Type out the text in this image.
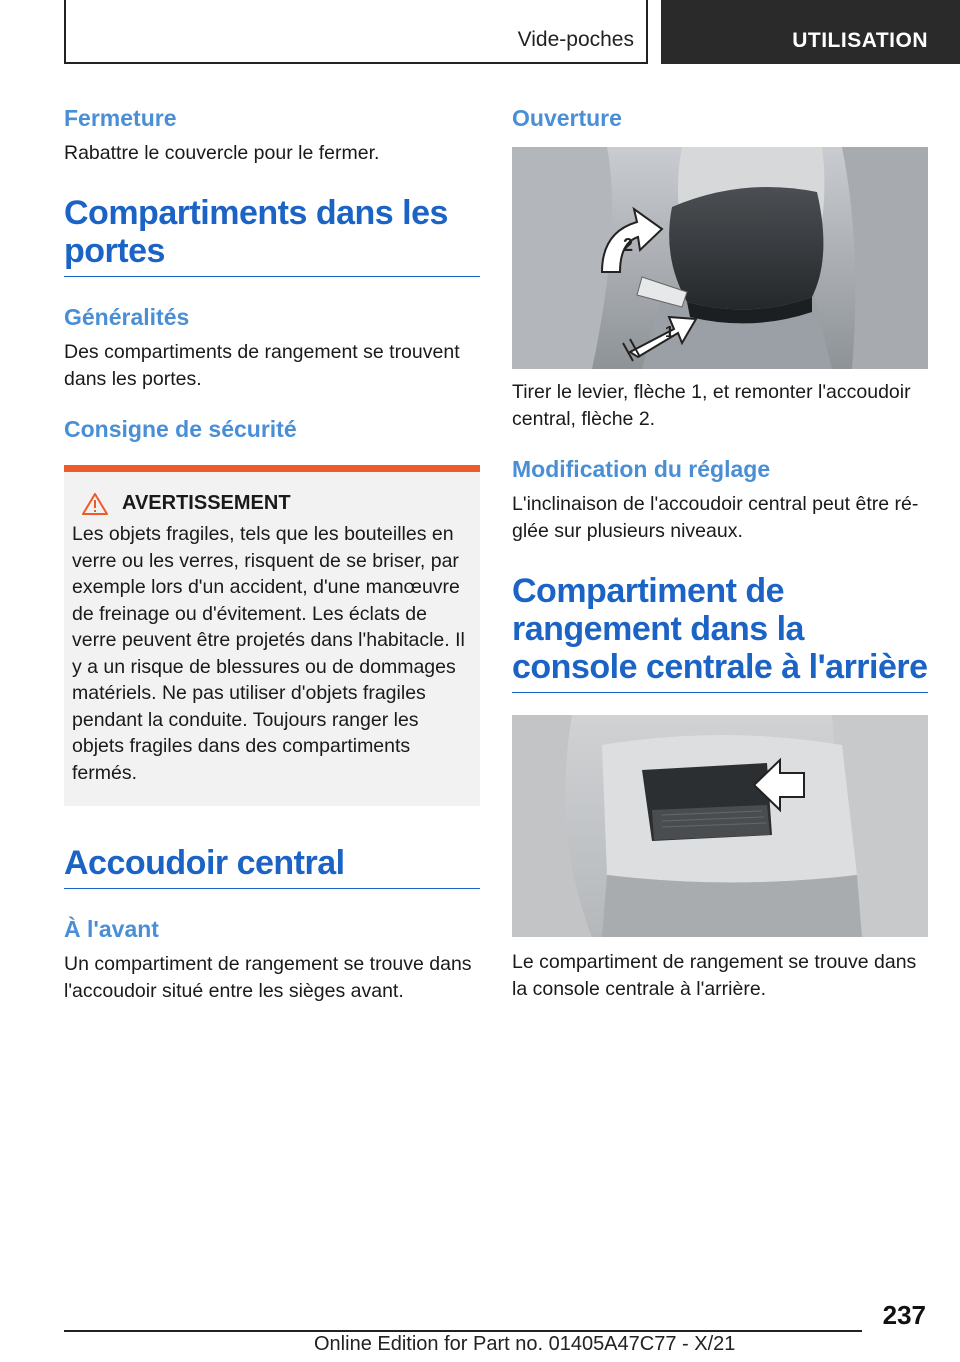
Vide-poches	UTILISATION
Fermeture

Rabattre le couvercle pour le fermer.

Compartiments dans les portes
Généralités

Des compartiments de rangement se trouvent dans les portes.

Consigne de sécurité
AVERTISSEMENT

Les objets fragiles, tels que les bouteilles en verre ou les verres, risquent de se briser, par exemple lors d'un accident, d'une manœuvre de freinage ou d'évitement. Les éclats de verre peuvent être projetés dans l'habitacle. Il y a un risque de blessures ou de dommages matériels. Ne pas utiliser d'objets fragiles pendant la conduite. Toujours ranger les objets fragiles dans des compartiments fermés.

Accoudoir central
À l'avant

Un compartiment de rangement se trouve dans l'accoudoir situé entre les sièges avant.

Ouverture
2
1

Tirer le levier, flèche 1, et remonter l'accoudoir central, flèche 2.

Modification du réglage

L'inclinaison de l'accoudoir central peut être réglée sur plusieurs niveaux.

Compartiment de rangement dans la console centrale à l'arrière

Le compartiment de rangement se trouve dans la console centrale à l'arrière.

237
Online Edition for Part no. 01405A47C77 - X/21
